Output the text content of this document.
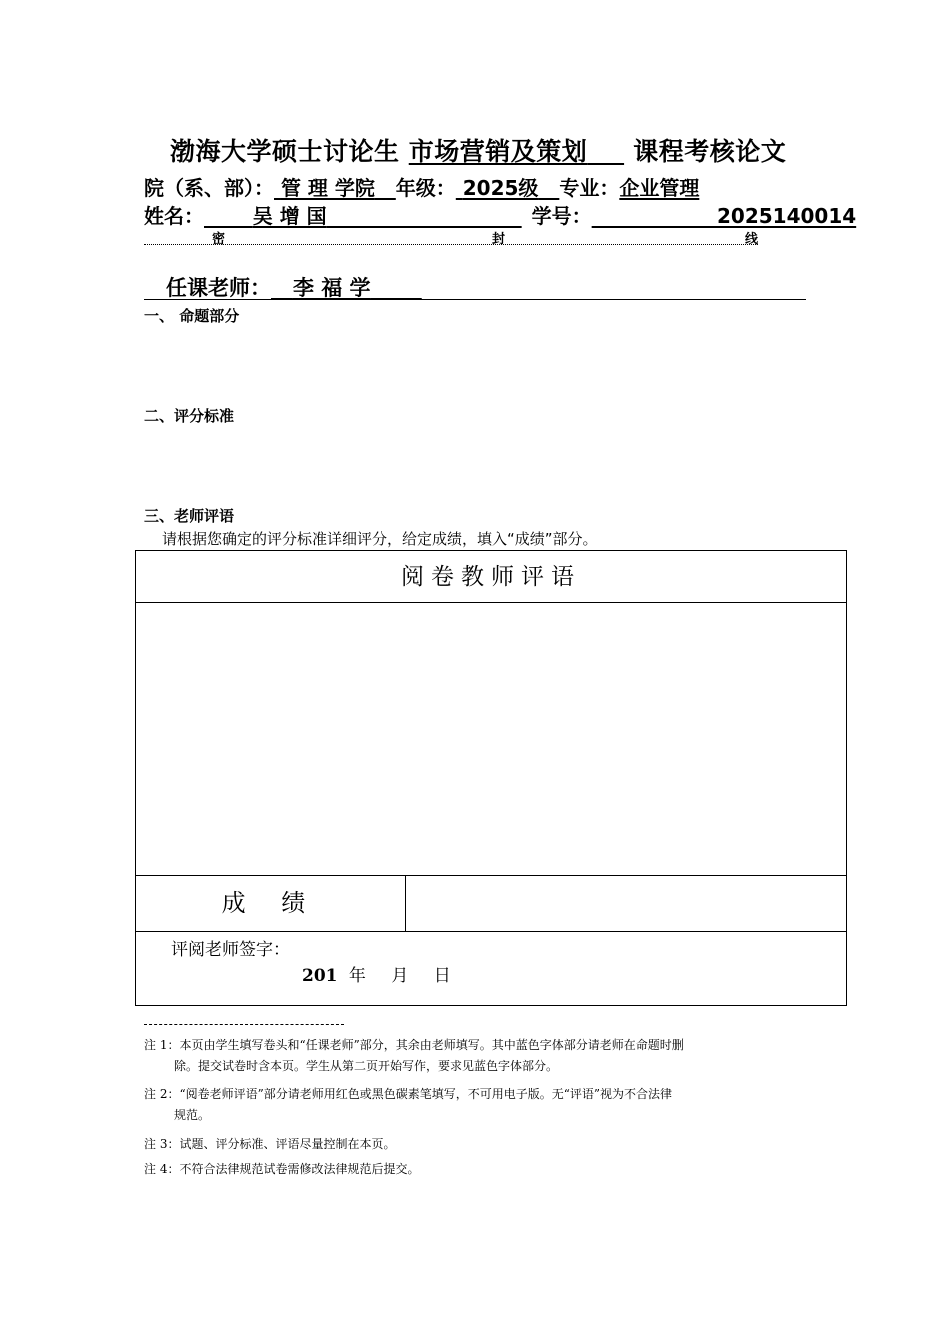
渤海大学硕士讨论生 市场营销及策划 课程考核论文
院（系、部）： 管 理 学院 年级： 2025级 专业：企业管理
姓名： 吴 增 国	学号：	2025140014
密	封	线
任课老师： 李 福 学
一、 命题部分
二、评分标准
三、老师评语
请根据您确定的评分标准详细评分，给定成绩，填入“成绩”部分。
阅卷教师评语
成 绩
评阅老师签字：
201 年 月 日
注 1：本页由学生填写卷头和“任课老师”部分，其余由老师填写。其中蓝色字体部分请老师在命题时删
除。提交试卷时含本页。学生从第二页开始写作，要求见蓝色字体部分。
注 2：“阅卷老师评语”部分请老师用红色或黑色碳素笔填写，不可用电子版。无“评语”视为不合法律
规范。
注 3：试题、评分标准、评语尽量控制在本页。
注 4：不符合法律规范试卷需修改法律规范后提交。
